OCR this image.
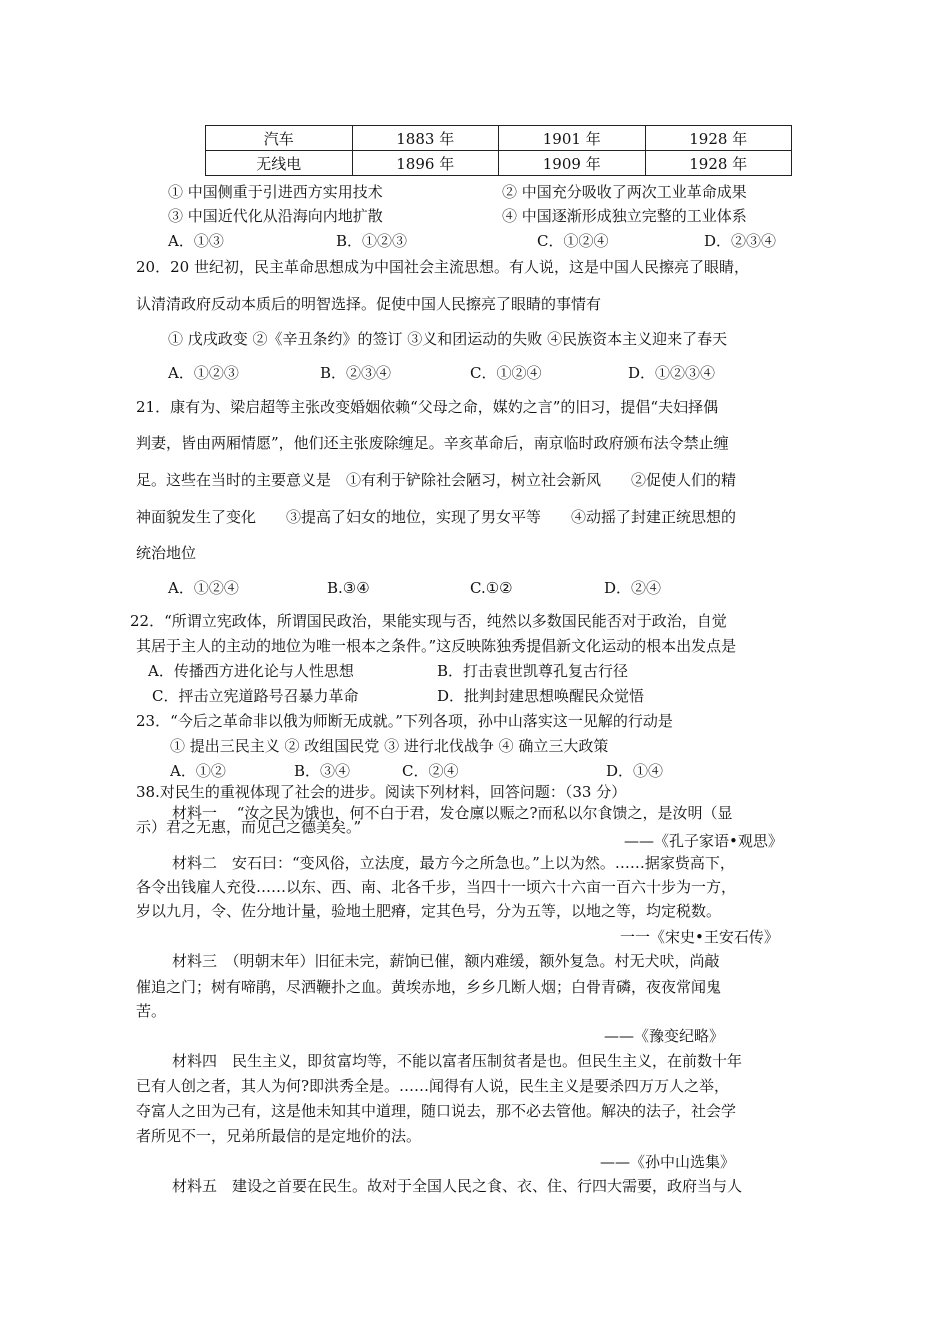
汽车	1883 年	1901 年	1928 年
无线电	1896 年	1909 年	1928 年
① 中国侧重于引进西方实用技术	② 中国充分吸收了两次工业革命成果
③ 中国近代化从沿海向内地扩散	④ 中国逐渐形成独立完整的工业体系
A．①③	B．①②③	C．①②④	D．②③④
20．20 世纪初，民主革命思想成为中国社会主流思想。有人说，这是中国人民擦亮了眼睛，
认清清政府反动本质后的明智选择。促使中国人民擦亮了眼睛的事情有
① 戊戌政变 ②《辛丑条约》的签订 ③义和团运动的失败 ④民族资本主义迎来了春天
A．①②③	B．②③④	C．①②④	D．①②③④
21．康有为、梁启超等主张改变婚姻依赖“父母之命，媒妁之言”的旧习，提倡“夫妇择偶
判妻，皆由两厢情愿”，他们还主张废除缠足。辛亥革命后，南京临时政府颁布法令禁止缠
足。这些在当时的主要意义是　①有利于铲除社会陋习，树立社会新风　　②促使人们的精
神面貌发生了变化　　③提高了妇女的地位，实现了男女平等　　④动摇了封建正统思想的
统治地位
A．①②④	B.③④	C.①②	D．②④
22．“所谓立宪政体，所谓国民政治，果能实现与否，纯然以多数国民能否对于政治，自觉
其居于主人的主动的地位为唯一根本之条件。”这反映陈独秀提倡新文化运动的根本出发点是
A．传播西方进化论与人性思想	B．打击袁世凯尊孔复古行径
C．抨击立宪道路号召暴力革命	D．批判封建思想唤醒民众觉悟
23．“今后之革命非以俄为师断无成就。”下列各项，孙中山落实这一见解的行动是
① 提出三民主义 ② 改组国民党 ③ 进行北伐战争 ④ 确立三大政策
A．①②	B．③④	C．②④	D．①④
38.对民生的重视体现了社会的进步。阅读下列材料，回答问题：（33 分）
材料一　 “汝之民为饿也，何不白于君，发仓廪以赈之?而私以尔食馈之，是汝明（显
示）君之无惠，而见己之德美矣。”
——《孔子家语•观思》
材料二　安石曰：“变风俗，立法度，最方今之所急也。”上以为然。……据家赀高下，
各令出钱雇人充役……以东、西、南、北各千步，当四十一顷六十六亩一百六十步为一方，
岁以九月，令、佐分地计量，验地土肥瘠，定其色号，分为五等，以地之等，均定税数。
一一《宋史•王安石传》
材料三　（明朝末年）旧征未完，薪饷已催，额内难缓，额外复急。村无犬吠，尚敲
催追之门；树有啼鹃，尽洒鞭扑之血。黄埃赤地，乡乡几断人烟；白骨青磷，夜夜常闻鬼
苦。
——《豫变纪略》
材料四　民生主义，即贫富均等，不能以富者压制贫者是也。但民生主义，在前数十年
已有人创之者，其人为何?即洪秀全是。……闻得有人说，民生主义是要杀四万万人之举，
夺富人之田为己有，这是他未知其中道理，随口说去，那不必去管他。解决的法子，社会学
者所见不一，兄弟所最信的是定地价的法。
——《孙中山选集》
材料五　建设之首要在民生。故对于全国人民之食、衣、住、行四大需要，政府当与人
